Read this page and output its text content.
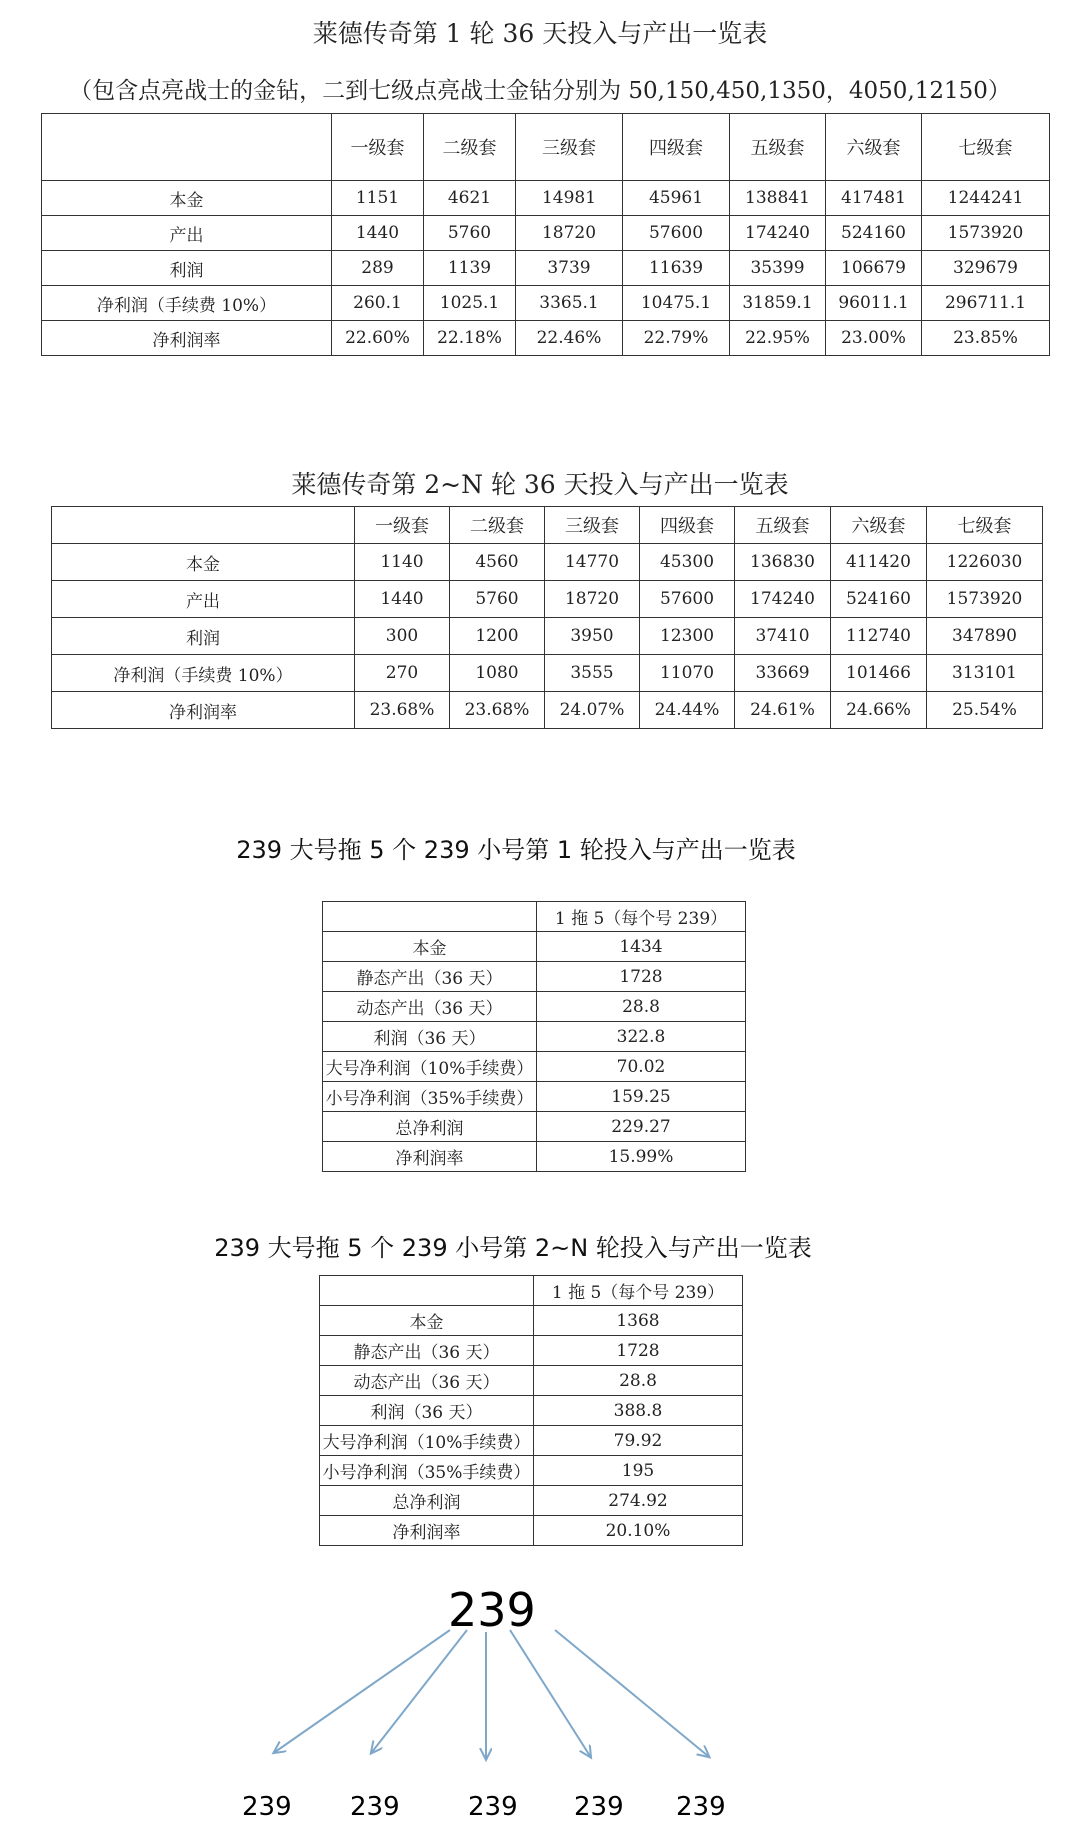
莱德传奇第 1 轮 36 天投入与产出一览表
（包含点亮战士的金钻，二到七级点亮战士金钻分别为 50,150,450,1350，4050,12150）
	一级套	二级套	三级套	四级套	五级套	六级套	七级套
本金	1151	4621	14981	45961	138841	417481	1244241
产出	1440	5760	18720	57600	174240	524160	1573920
利润	289	1139	3739	11639	35399	106679	329679
净利润（手续费 10%）	260.1	1025.1	3365.1	10475.1	31859.1	96011.1	296711.1
净利润率	22.60%	22.18%	22.46%	22.79%	22.95%	23.00%	23.85%
莱德传奇第 2~N 轮 36 天投入与产出一览表
	一级套	二级套	三级套	四级套	五级套	六级套	七级套
本金	1140	4560	14770	45300	136830	411420	1226030
产出	1440	5760	18720	57600	174240	524160	1573920
利润	300	1200	3950	12300	37410	112740	347890
净利润（手续费 10%）	270	1080	3555	11070	33669	101466	313101
净利润率	23.68%	23.68%	24.07%	24.44%	24.61%	24.66%	25.54%
239 大号拖 5 个 239 小号第 1 轮投入与产出一览表
	1 拖 5（每个号 239）
本金	1434
静态产出（36 天）	1728
动态产出（36 天）	28.8
利润（36 天）	322.8
大号净利润（10%手续费）	70.02
小号净利润（35%手续费）	159.25
总净利润	229.27
净利润率	15.99%
239 大号拖 5 个 239 小号第 2~N 轮投入与产出一览表
	1 拖 5（每个号 239）
本金	1368
静态产出（36 天）	1728
动态产出（36 天）	28.8
利润（36 天）	388.8
大号净利润（10%手续费）	79.92
小号净利润（35%手续费）	195
总净利润	274.92
净利润率	20.10%
239
239 239	239 239 239
